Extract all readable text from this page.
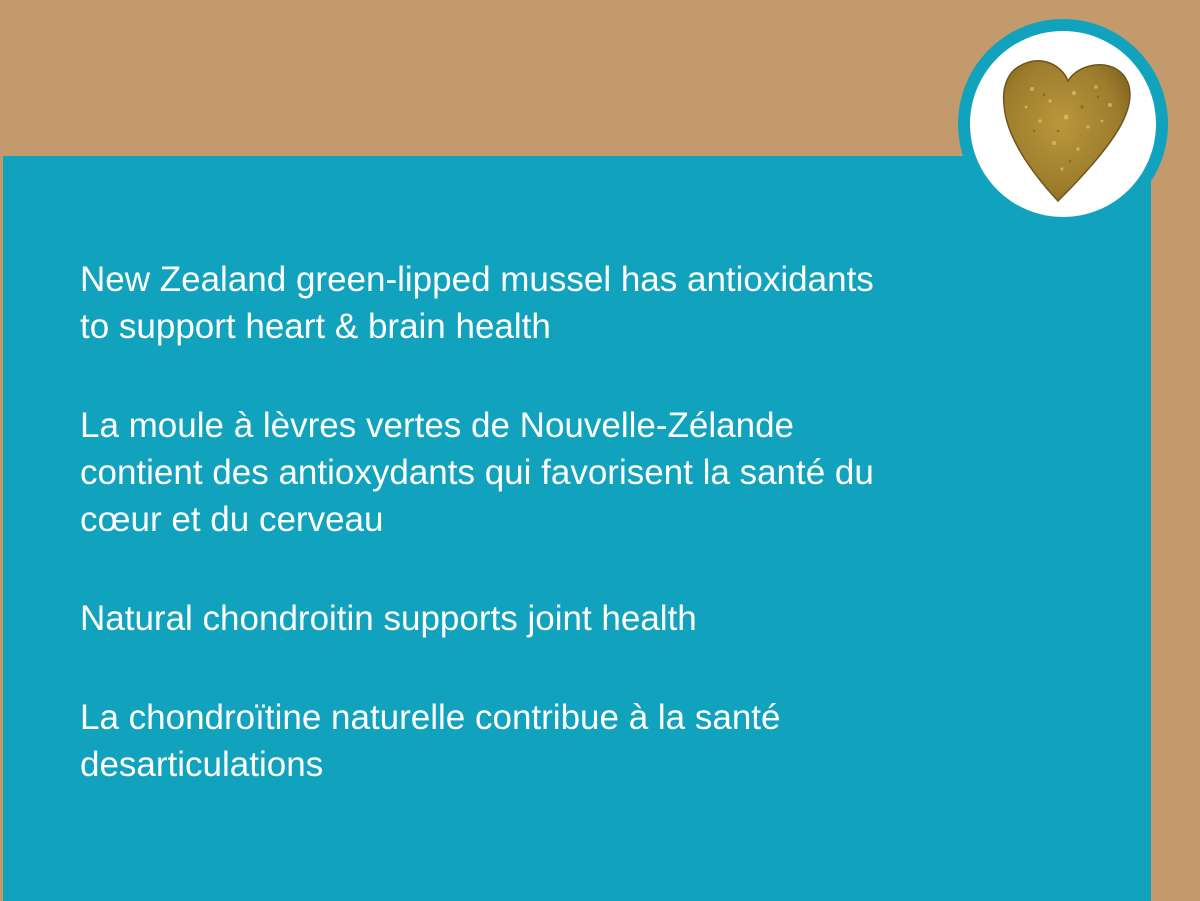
New Zealand green-lipped mussel has antioxidants
to support heart & brain health

La moule à lèvres vertes de Nouvelle-Zélande
contient des antioxydants qui favorisent la santé du
cœur et du cerveau

Natural chondroitin supports joint health

La chondroïtine naturelle contribue à la santé
desarticulations
